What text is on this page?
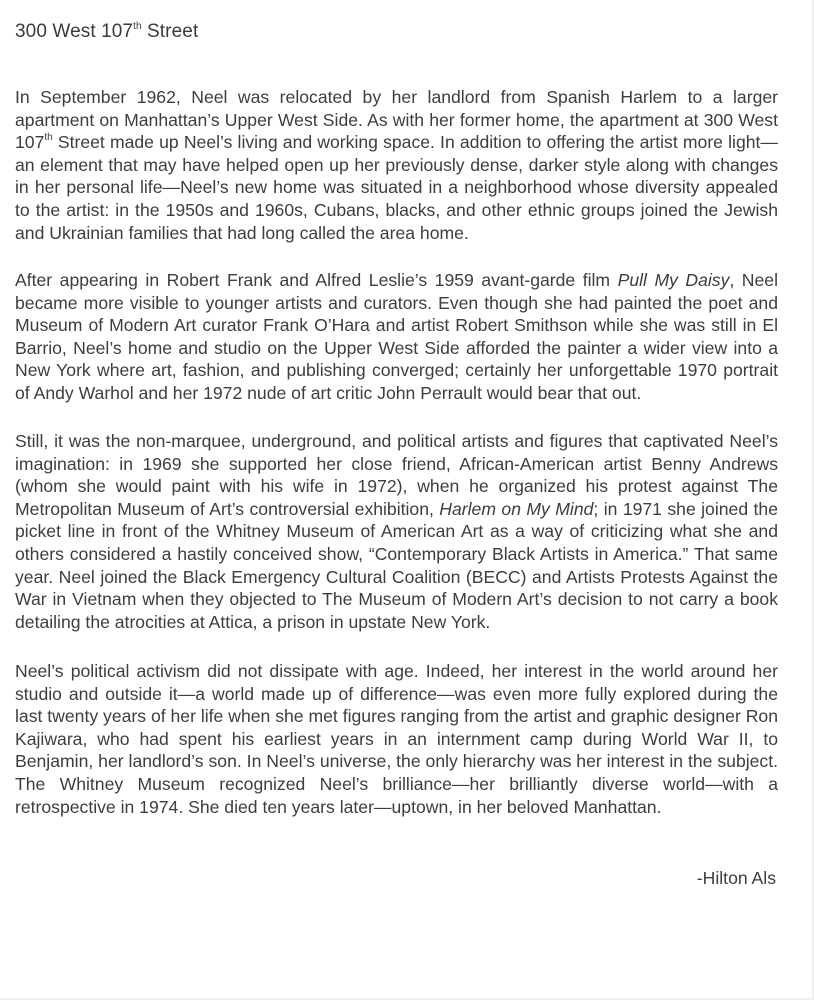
300 West 107th Street

In September 1962, Neel was relocated by her landlord from Spanish Harlem to a larger apartment on Manhattan’s Upper West Side. As with her former home, the apartment at 300 West 107th Street made up Neel’s living and working space. In addition to offering the artist more light—an element that may have helped open up her previously dense, darker style along with changes in her personal life—Neel’s new home was situated in a neighborhood whose diversity appealed to the artist: in the 1950s and 1960s, Cubans, blacks, and other ethnic groups joined the Jewish and Ukrainian families that had long called the area home.

After appearing in Robert Frank and Alfred Leslie’s 1959 avant-garde film Pull My Daisy, Neel became more visible to younger artists and curators. Even though she had painted the poet and Museum of Modern Art curator Frank O’Hara and artist Robert Smithson while she was still in El Barrio, Neel’s home and studio on the Upper West Side afforded the painter a wider view into a New York where art, fashion, and publishing converged; certainly her unforgettable 1970 portrait of Andy Warhol and her 1972 nude of art critic John Perrault would bear that out.

Still, it was the non-marquee, underground, and political artists and figures that captivated Neel’s imagination: in 1969 she supported her close friend, African-American artist Benny Andrews (whom she would paint with his wife in 1972), when he organized his protest against The Metropolitan Museum of Art’s controversial exhibition, Harlem on My Mind; in 1971 she joined the picket line in front of the Whitney Museum of American Art as a way of criticizing what she and others considered a hastily conceived show, “Contemporary Black Artists in America.” That same year. Neel joined the Black Emergency Cultural Coalition (BECC) and Artists Protests Against the War in Vietnam when they objected to The Museum of Modern Art’s decision to not carry a book detailing the atrocities at Attica, a prison in upstate New York.

Neel’s political activism did not dissipate with age. Indeed, her interest in the world around her studio and outside it—a world made up of difference—was even more fully explored during the last twenty years of her life when she met figures ranging from the artist and graphic designer Ron Kajiwara, who had spent his earliest years in an internment camp during World War II, to Benjamin, her landlord’s son. In Neel’s universe, the only hierarchy was her interest in the subject. The Whitney Museum recognized Neel’s brilliance—her brilliantly diverse world—with a retrospective in 1974. She died ten years later—uptown, in her beloved Manhattan.

-Hilton Als
